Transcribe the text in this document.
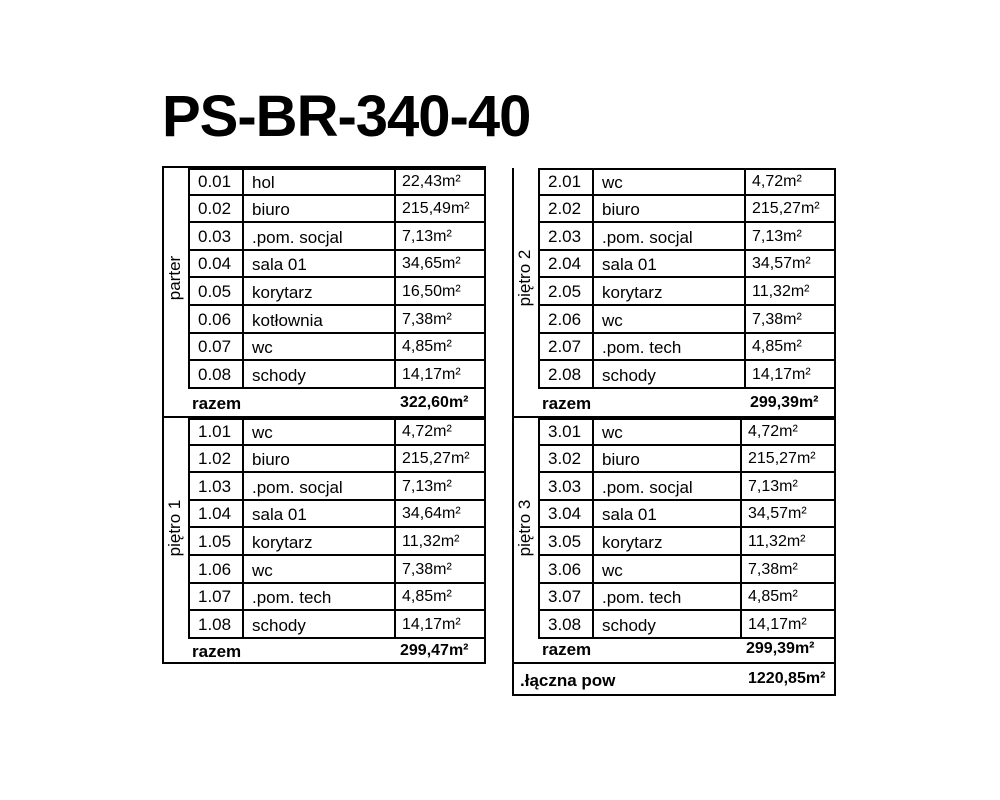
PS-BR-340-40
parter
0.01 hol	22,43m²
0.02 biuro	215,49m²
0.03 .pom. socjal	7,13m²
0.04 sala 01	34,65m²
0.05 korytarz	16,50m²
0.06 kotłownia	7,38m²
0.07 wc	4,85m²
0.08 schody	14,17m²
razem	322,60m²
piętro 1
1.01 wc	4,72m²
1.02 biuro	215,27m²
1.03 .pom. socjal	7,13m²
1.04 sala 01	34,64m²
1.05 korytarz	11,32m²
1.06 wc	7,38m²
1.07 .pom. tech	4,85m²
1.08 schody	14,17m²
razem	299,47m²
piętro 2
2.01 wc	4,72m²
2.02 biuro	215,27m²
2.03 .pom. socjal	7,13m²
2.04 sala 01	34,57m²
2.05 korytarz	11,32m²
2.06 wc	7,38m²
2.07 .pom. tech	4,85m²
2.08 schody	14,17m²
razem	299,39m²
piętro 3
3.01 wc	4,72m²
3.02 biuro	215,27m²
3.03 .pom. socjal	7,13m²
3.04 sala 01	34,57m²
3.05 korytarz	11,32m²
3.06 wc	7,38m²
3.07 .pom. tech	4,85m²
3.08 schody	14,17m²
razem	299,39m²
.łączna pow	1220,85m²
